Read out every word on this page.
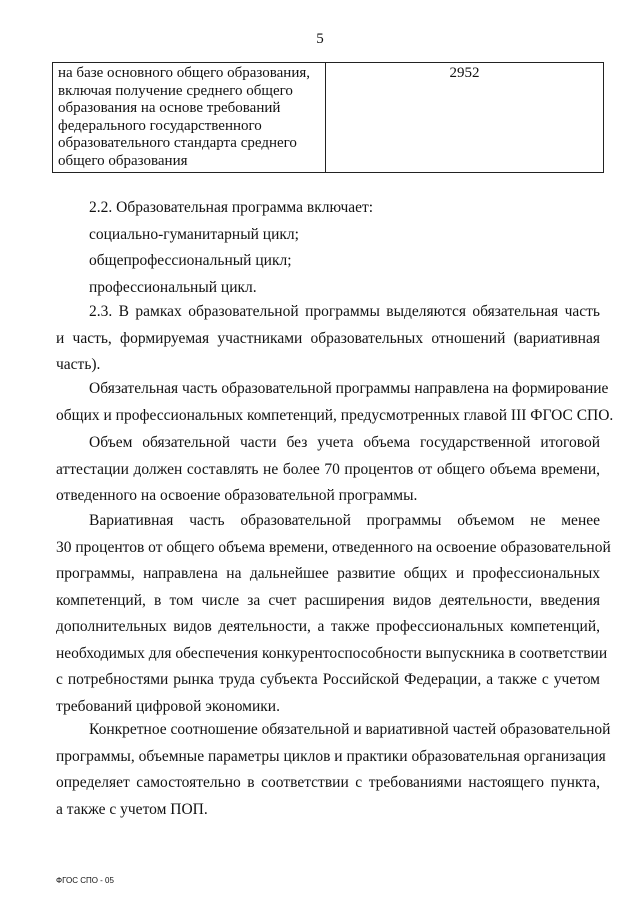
5
на базе основного общего образования,
включая получение среднего общего
образования на основе требований
федерального государственного
образовательного стандарта среднего
общего образования
	2952
2.2. Образовательная программа включает:
социально-гуманитарный цикл;
общепрофессиональный цикл;
профессиональный цикл.
2.3. В рамках образовательной программы выделяются обязательная часть
и часть, формируемая участниками образовательных отношений (вариативная
часть).
Обязательная часть образовательной программы направлена на формирование
общих и профессиональных компетенций, предусмотренных главой III ФГОС СПО.
Объем обязательной части без учета объема государственной итоговой
аттестации должен составлять не более 70 процентов от общего объема времени,
отведенного на освоение образовательной программы.
Вариативная часть образовательной программы объемом не менее
30 процентов от общего объема времени, отведенного на освоение образовательной
программы, направлена на дальнейшее развитие общих и профессиональных
компетенций, в том числе за счет расширения видов деятельности, введения
дополнительных видов деятельности, а также профессиональных компетенций,
необходимых для обеспечения конкурентоспособности выпускника в соответствии
с потребностями рынка труда субъекта Российской Федерации, а также с учетом
требований цифровой экономики.
Конкретное соотношение обязательной и вариативной частей образовательной
программы, объемные параметры циклов и практики образовательная организация
определяет самостоятельно в соответствии с требованиями настоящего пункта,
а также с учетом ПОП.
ФГОС СПО - 05
